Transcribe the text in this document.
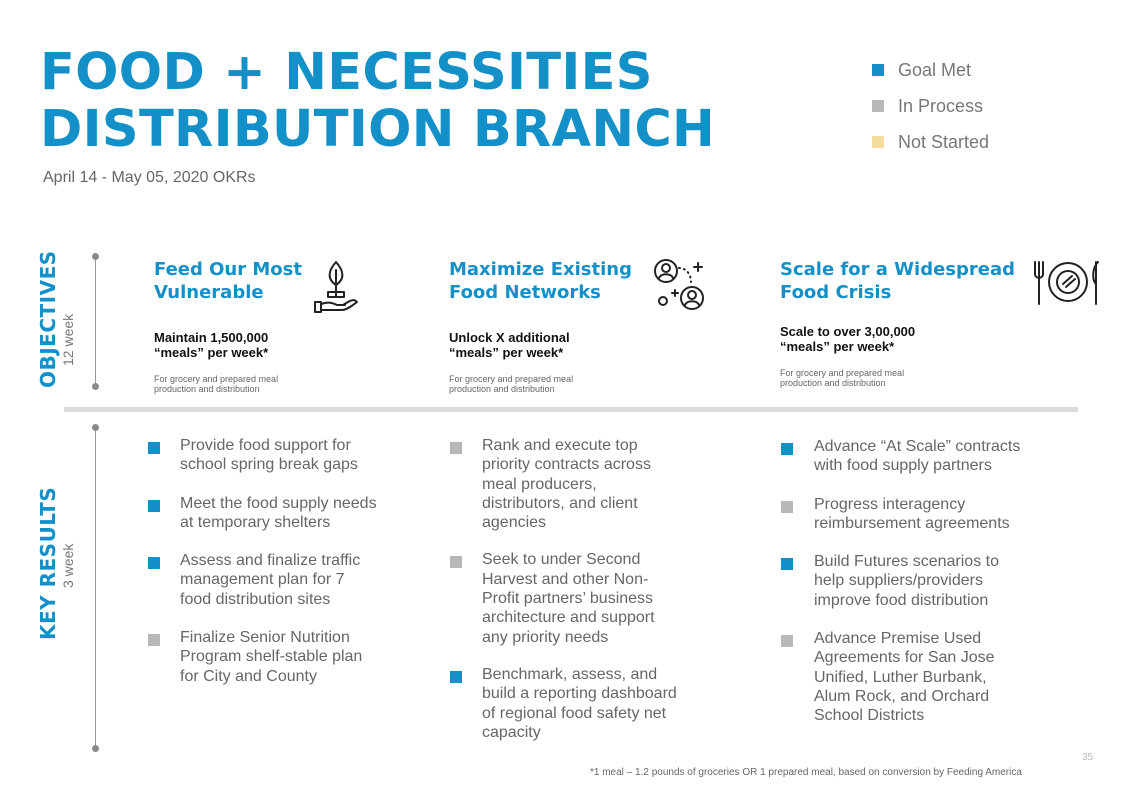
FOOD + NECESSITIES
DISTRIBUTION BRANCH
April 14 - May 05, 2020 OKRs
Goal Met
In Process
Not Started
OBJECTIVES 12 week
KEY RESULTS 3 week
Feed Our Most
Vulnerable
Maintain 1,500,000
“meals” per week*
For grocery and prepared meal
production and distribution
Maximize Existing
Food Networks
Unlock X additional
“meals” per week*
For grocery and prepared meal
production and distribution
Scale for a Widespread
Food Crisis
Scale to over 3,00,000
“meals” per week*
For grocery and prepared meal
production and distribution
Provide food support for
school spring break gaps
Meet the food supply needs
at temporary shelters
Assess and finalize traffic
management plan for 7
food distribution sites
Finalize Senior Nutrition
Program shelf-stable plan
for City and County
Rank and execute top
priority contracts across
meal producers,
distributors, and client
agencies
Seek to under Second
Harvest and other Non-
Profit partners’ business
architecture and support
any priority needs
Benchmark, assess, and
build a reporting dashboard
of regional food safety net
capacity
Advance “At Scale” contracts
with food supply partners
Progress interagency
reimbursement agreements
Build Futures scenarios to
help suppliers/providers
improve food distribution
Advance Premise Used
Agreements for San Jose
Unified, Luther Burbank,
Alum Rock, and Orchard
School Districts
35
*1 meal – 1.2 pounds of groceries OR 1 prepared meal, based on conversion by Feeding America
